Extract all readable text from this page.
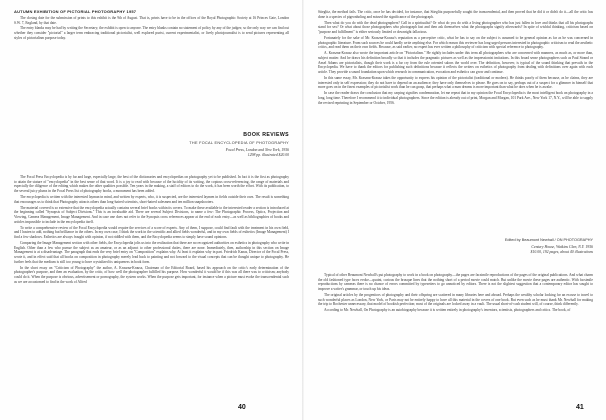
AUTUMN EXHIBITION OF PICTORIAL PHOTOGRAPHY 1957

The closing date for the submission of prints to this exhibit is the 9th of August. That is, prints have to be in the offices of the Royal Photographic Society at 16 Princes Gate, London S.W. 7, England, by that date.

The entry blanks may be had by writing the Secretary; the exhibit is open to anyone. The entry blanks contain no statement of policy by any of the judges; so the only way we can find out whether they consider "pictorial" a larger term embracing traditional pictorialist, well explored purist, current experimentalist, or lively photojournalist is to send pictures representing all styles of pictorialism purpose today.

BOOK REVIEWS
THE FOCAL ENCYCLOPEDIA OF PHOTOGRAPHY
Focal Press, London and New York, 1956
1298 pp. illustrated $20.00

The Focal Press Encyclopedia is by far and large, especially large, the best of the dictionaries and encyclopedias on photography yet to be published. In fact it is the first as photography to attain the stature of "encyclopedia" in the best sense of that word. It is a joy to read with because of the lucidity of its writing, the copious cross-referencing, the range of materials and especially the diligence of the editing which makes the other qualities possible. Ten years in the making, a staff of editors to do the work, it has been worth the effort. With its publication, to the several juicy plums in the Focal Press list of photography books, a monument has been added.

The encyclopedia is written with the interested layman in mind, and written by experts, who, it is suspected, are the interested laymen in fields outside their own. The result is something that encourages us to think that Photography attracts others than long-haired scientists, short-haired salesmen and ten million snapshooters.

The material covered is so extensive that the encyclopedia actually contains several brief books within its covers. To make these available to the interested reader a section is introduced at the beginning called "Synopsis of Subject Divisions." This is an invaluable aid. There are several Subject Divisions, to name a few: The Photographic Process, Optics, Projection and Viewing, Camera Management, Image Management. And in case one does not refer to the Synopsis cross references appear at the end of each entry—as well as bibliographies of books and articles impossible to include in the encyclopedia itself.

To write a comprehensive review of the Focal Encyclopedia would require the services of a score of experts. Any of them, I suppose, could find fault with the treatment in his own field, and I hasten to add, nothing but brilliance in the others. In my own case, I think the work in the scientific and allied fields wonderful, and in my own fields of esthetics (Image Management) I find a few shadows. Esthetics are always fraught with opinion, if not riddled with them, and the Encyclopedia seems to simply have sound opinions.

Comparing the Image Management section with other fields, the Encyclopedia jolts us into the realization that there are no recognized authorities on esthetics in photography who write in English. Other than a few who pursue the subject as an amateur, or as an adjunct to other professional duties, there are none. Immediately, then, authorship in this section on Image Management is at a disadvantage. The paragraph that ends the very brief entry on "Composition" explains why. At least it explains why in part. Friedrich Kanas, Director of the Focal Press, wrote it, and in effect said that all books on composition in photography merely lead back to painting and not forward to the visual concepts that can be thought unique to photography. He further feels that the medium is still too young to have crystalized its uniqueness in book form.

In the short essay on "Criticism of Photography" the author, A. Kraszna-Krausz, Chairman of the Editorial Board, based his approach on the critic's early determination of the photographer's purpose, and then an evaluation, by the critic, of how well the photographer fulfilled his purpose. How wonderful it would be if this was all there was to criticism; anybody could do it. When the purpose is obvious, advertisement or pornography, the system works. When the purpose gets important, for instance when a picture must evoke the transcendental such as we are accustomed to find in the work of Alfred

40

Stieglitz, the method fails. The critic, once he has decided, for instance, that Stieglitz purposefully sought the transcendental, and then proved that he did it or didn't do it—all the critic has done is a species of pigeonholing and missed the significance of the photograph.

Then what do you do with the dead photographers? Call in a spiritualist? Or what do you do with a living photographer who has just fallen in love and thinks that all his photographs stand for sex? Or what about those photographers who photograph fast and then ask themselves what the photographs signify afterwards? In spite of wishful thinking, criticism based on "purpose and fulfillment" is either seriously limited or downright fallacious.

Fortunately for the sake of Mr. Kraszna-Krausz's reputation as a perceptive critic, what he has to say on the subject is assumed to be general opinion as far as he was concerned in photographic literature. From such sources he could hardly write anything else. For which reason this reviewer has long urged persons interested in photographic criticism to read the aesthetic critics, and read them on their own fields. Because, as said earlier, no expert has ever written a philosophy of criticism with special reference to photography.

A. Kraszna-Krausz also wrote the important article on "Pictorialism." He rightly includes under this term all photographers who are concerned with manners, as much as, or more than, subject matter. And he draws his definition broadly so that it includes the pragmatic pictures as well as the impressionist imitations. In this broad sense photographers such as Paul Strand or Ansel Adams are pictorialists, though their work is a far cry from the rule oriented salons the world over. The definition, however, is typical of the sound thinking that prevails in the Encyclopedia. We have to thank the editors for publishing such definitions because it reflects the writers on esthetics of photography from dealing with definitions over again with each article. They provide a sound foundation upon which research in communication, evocation and esthetics can grow and continue.

In this same essay, Mr. Kraszna-Krausz takes the opportunity to express his opinion of the pictorialist (traditional or modern). He thinks poorly of them because, as he claims, they are interested only in self expression; they do not have to depend on an audience; they have only themselves to please. He goes on to say, perhaps out of a suspect for a glimmer in himself that more goes on in the finest examples of pictorialist work than he can grasp, that perhaps what a man dreams is more important than what he does when he is awake.

In case the reader draws the conclusion that my carping signifies condemnation, let me repeat that in my opinion the Focal Encyclopedia is the most intelligent book on photography in a long, long time. Therefore I recommend it to individual photographers. Since the edition is already out of print, Morgan and Morgan, 101 Park Ave., New York 17, N.Y., will be able to supply the revised reprinting in September or October, 1956.

Edited by Beaumont Newhall / ON PHOTOGRAPHY
Century House, Watkins Glen, N.Y. 1956
$10.00, 192 pages, about 40 illustrations

Typical of other Beaumont Newhall's put photography to work in a book on photography—the pages are facsimile reproductions of the pages of the original publications. And what charm the old fashioned type faces evoke—quaint, curious the brusque lines that the nothing short of a period movie could match. But unlike the movie these pages are authentic. With facsimile reproductions by cameras there is no chance of errors committed by typesetters to go unnoticed by editors. There is not the slightest suggestion that a contemporary editor has sought to improve a writer's grammar, or touch up his ideas.

The original articles by the progenitors of photography and their offspring are scattered in many libraries here and abroad. Perhaps the wealthy scholar looking for an excuse to travel to such wonderful places as London, New York, or Paris may not be entirely happy to have all this material in the covers of one book. But even such as he must thank Mr. Newhall for making the trip to Rochester unnecessary, that model of bookish perfection; most of the originals are locked away in a vault. The usual short-of-cash student will, of course, think differently.

According to Mr. Newhall, On Photography is an autobiography because it is written entirely in photography's inventors, scientists, photographers and critics. The book, of

41
